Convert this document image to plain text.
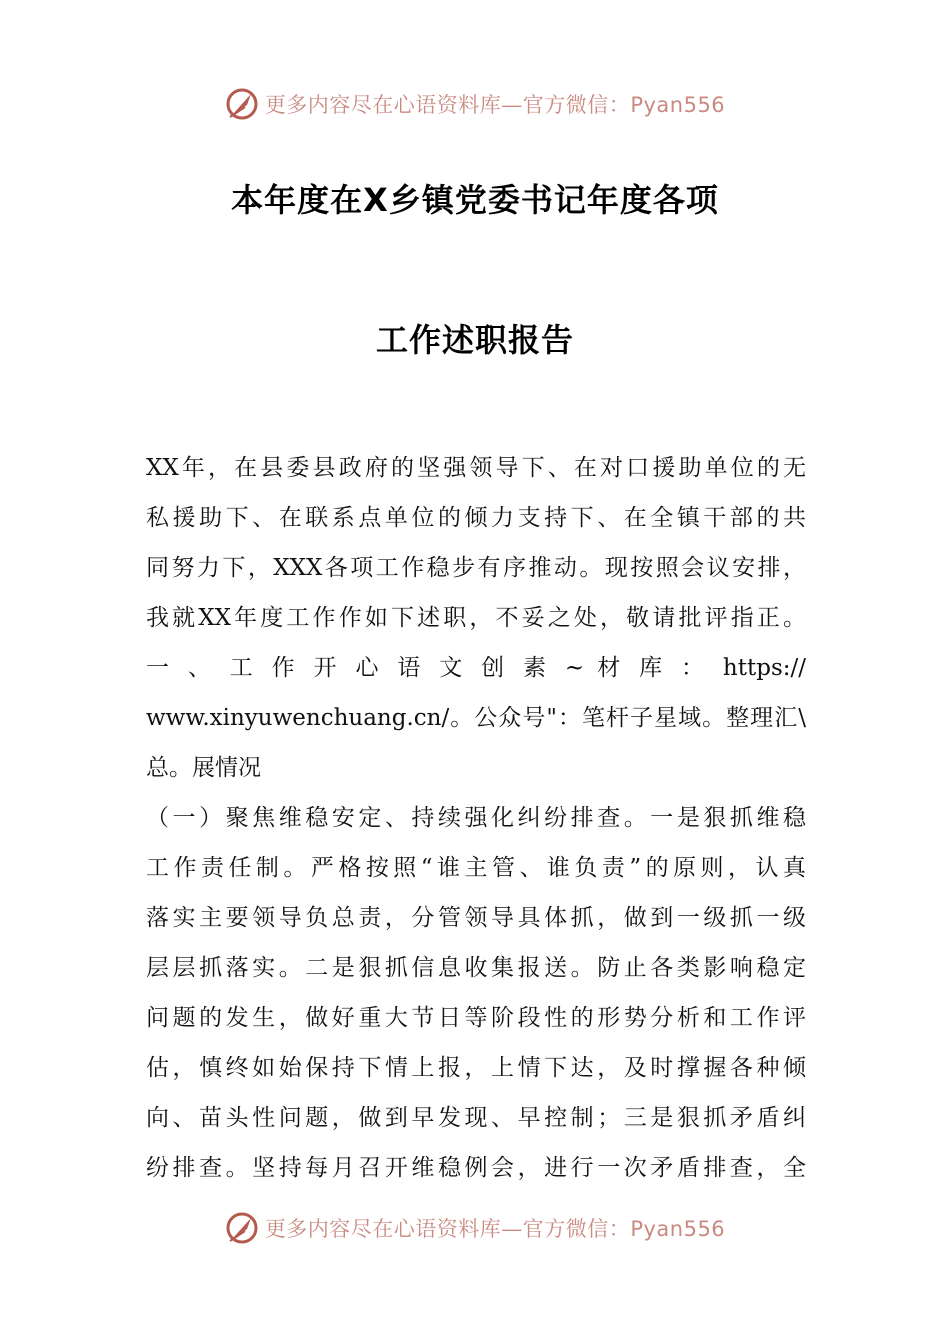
更多内容尽在心语资料库—官方微信：Pyan556
本年度在X乡镇党委书记年度各项
工作述职报告
XX年，在县委县政府的坚强领导下、在对口援助单位的无
私援助下、在联系点单位的倾力支持下、在全镇干部的共
同努力下，XXX各项工作稳步有序推动。现按照会议安排，
我就XX年度工作作如下述职，不妥之处，敬请批评指正。
一 、 工 作 开 心 语 文 创 素 ~ 材 库 ： https://
www.xinyuwenchuang.cn/。公众号"：笔杆子星域。整理汇\
总。展情况
（一）聚焦维稳安定、持续强化纠纷排查。一是狠抓维稳
工作责任制。严格按照“谁主管、谁负责”的原则，认真
落实主要领导负总责，分管领导具体抓，做到一级抓一级
层层抓落实。二是狠抓信息收集报送。防止各类影响稳定
问题的发生，做好重大节日等阶段性的形势分析和工作评
估，慎终如始保持下情上报，上情下达，及时撑握各种倾
向、苗头性问题，做到早发现、早控制；三是狠抓矛盾纠
纷排查。坚持每月召开维稳例会，进行一次矛盾排查，全
更多内容尽在心语资料库—官方微信：Pyan556
